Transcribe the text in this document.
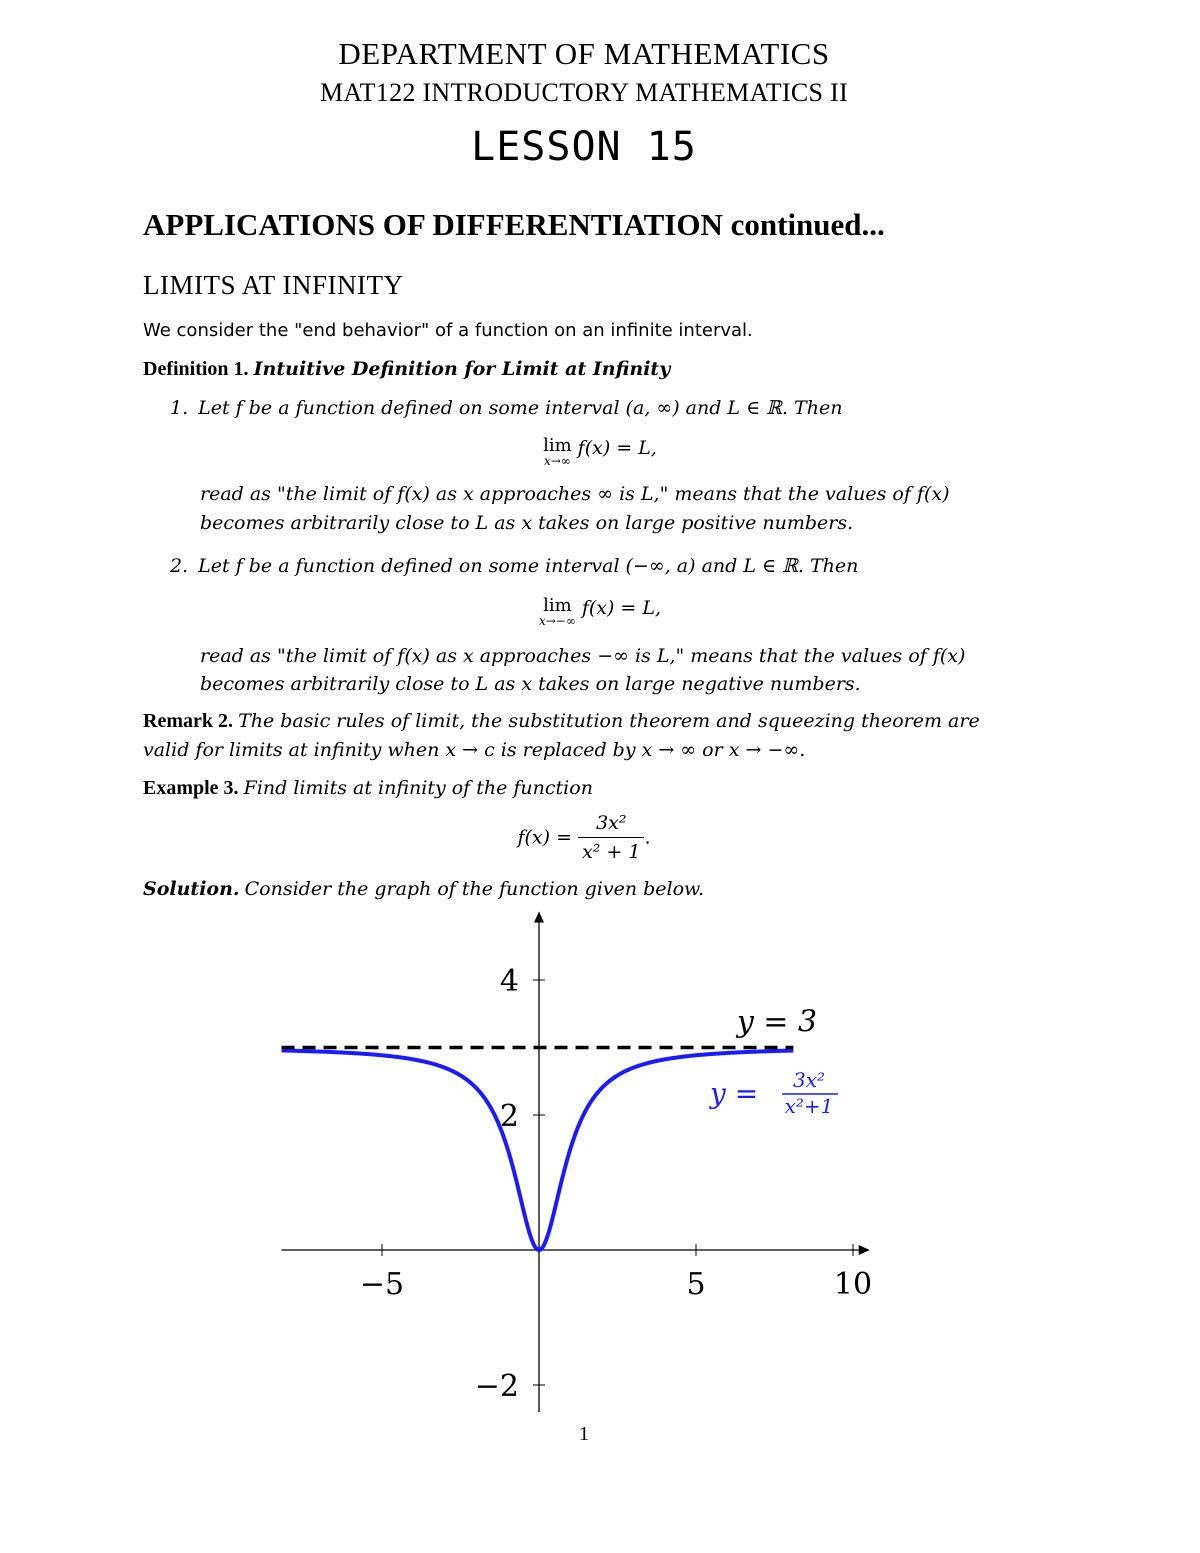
DEPARTMENT OF MATHEMATICS
MAT122 INTRODUCTORY MATHEMATICS II
LESSON 15
APPLICATIONS OF DIFFERENTIATION continued...
LIMITS AT INFINITY
We consider the "end behavior" of a function on an infinite interval.
Definition 1. Intuitive Definition for Limit at Infinity
1. Let f be a function defined on some interval (a, ∞) and L ∈ ℝ. Then
lim
x→∞
f(x) = L,
read as "the limit of f(x) as x approaches ∞ is L," means that the values of f(x)
becomes arbitrarily close to L as x takes on large positive numbers.
2. Let f be a function defined on some interval (−∞, a) and L ∈ ℝ. Then
lim
x→−∞
f(x) = L,
read as "the limit of f(x) as x approaches −∞ is L," means that the values of f(x)
becomes arbitrarily close to L as x takes on large negative numbers.
Remark 2. The basic rules of limit, the substitution theorem and squeezing theorem are
valid for limits at infinity when x → c is replaced by x → ∞ or x → −∞.
Example 3. Find limits at infinity of the function
$f(x) = \frac{\text{3x²}}{\text{x² + 1}}$ .
Solution. Consider the graph of the function given below.
−5	5	10
−2
2
4
y = 3x²
x²+1
y = 3
1
